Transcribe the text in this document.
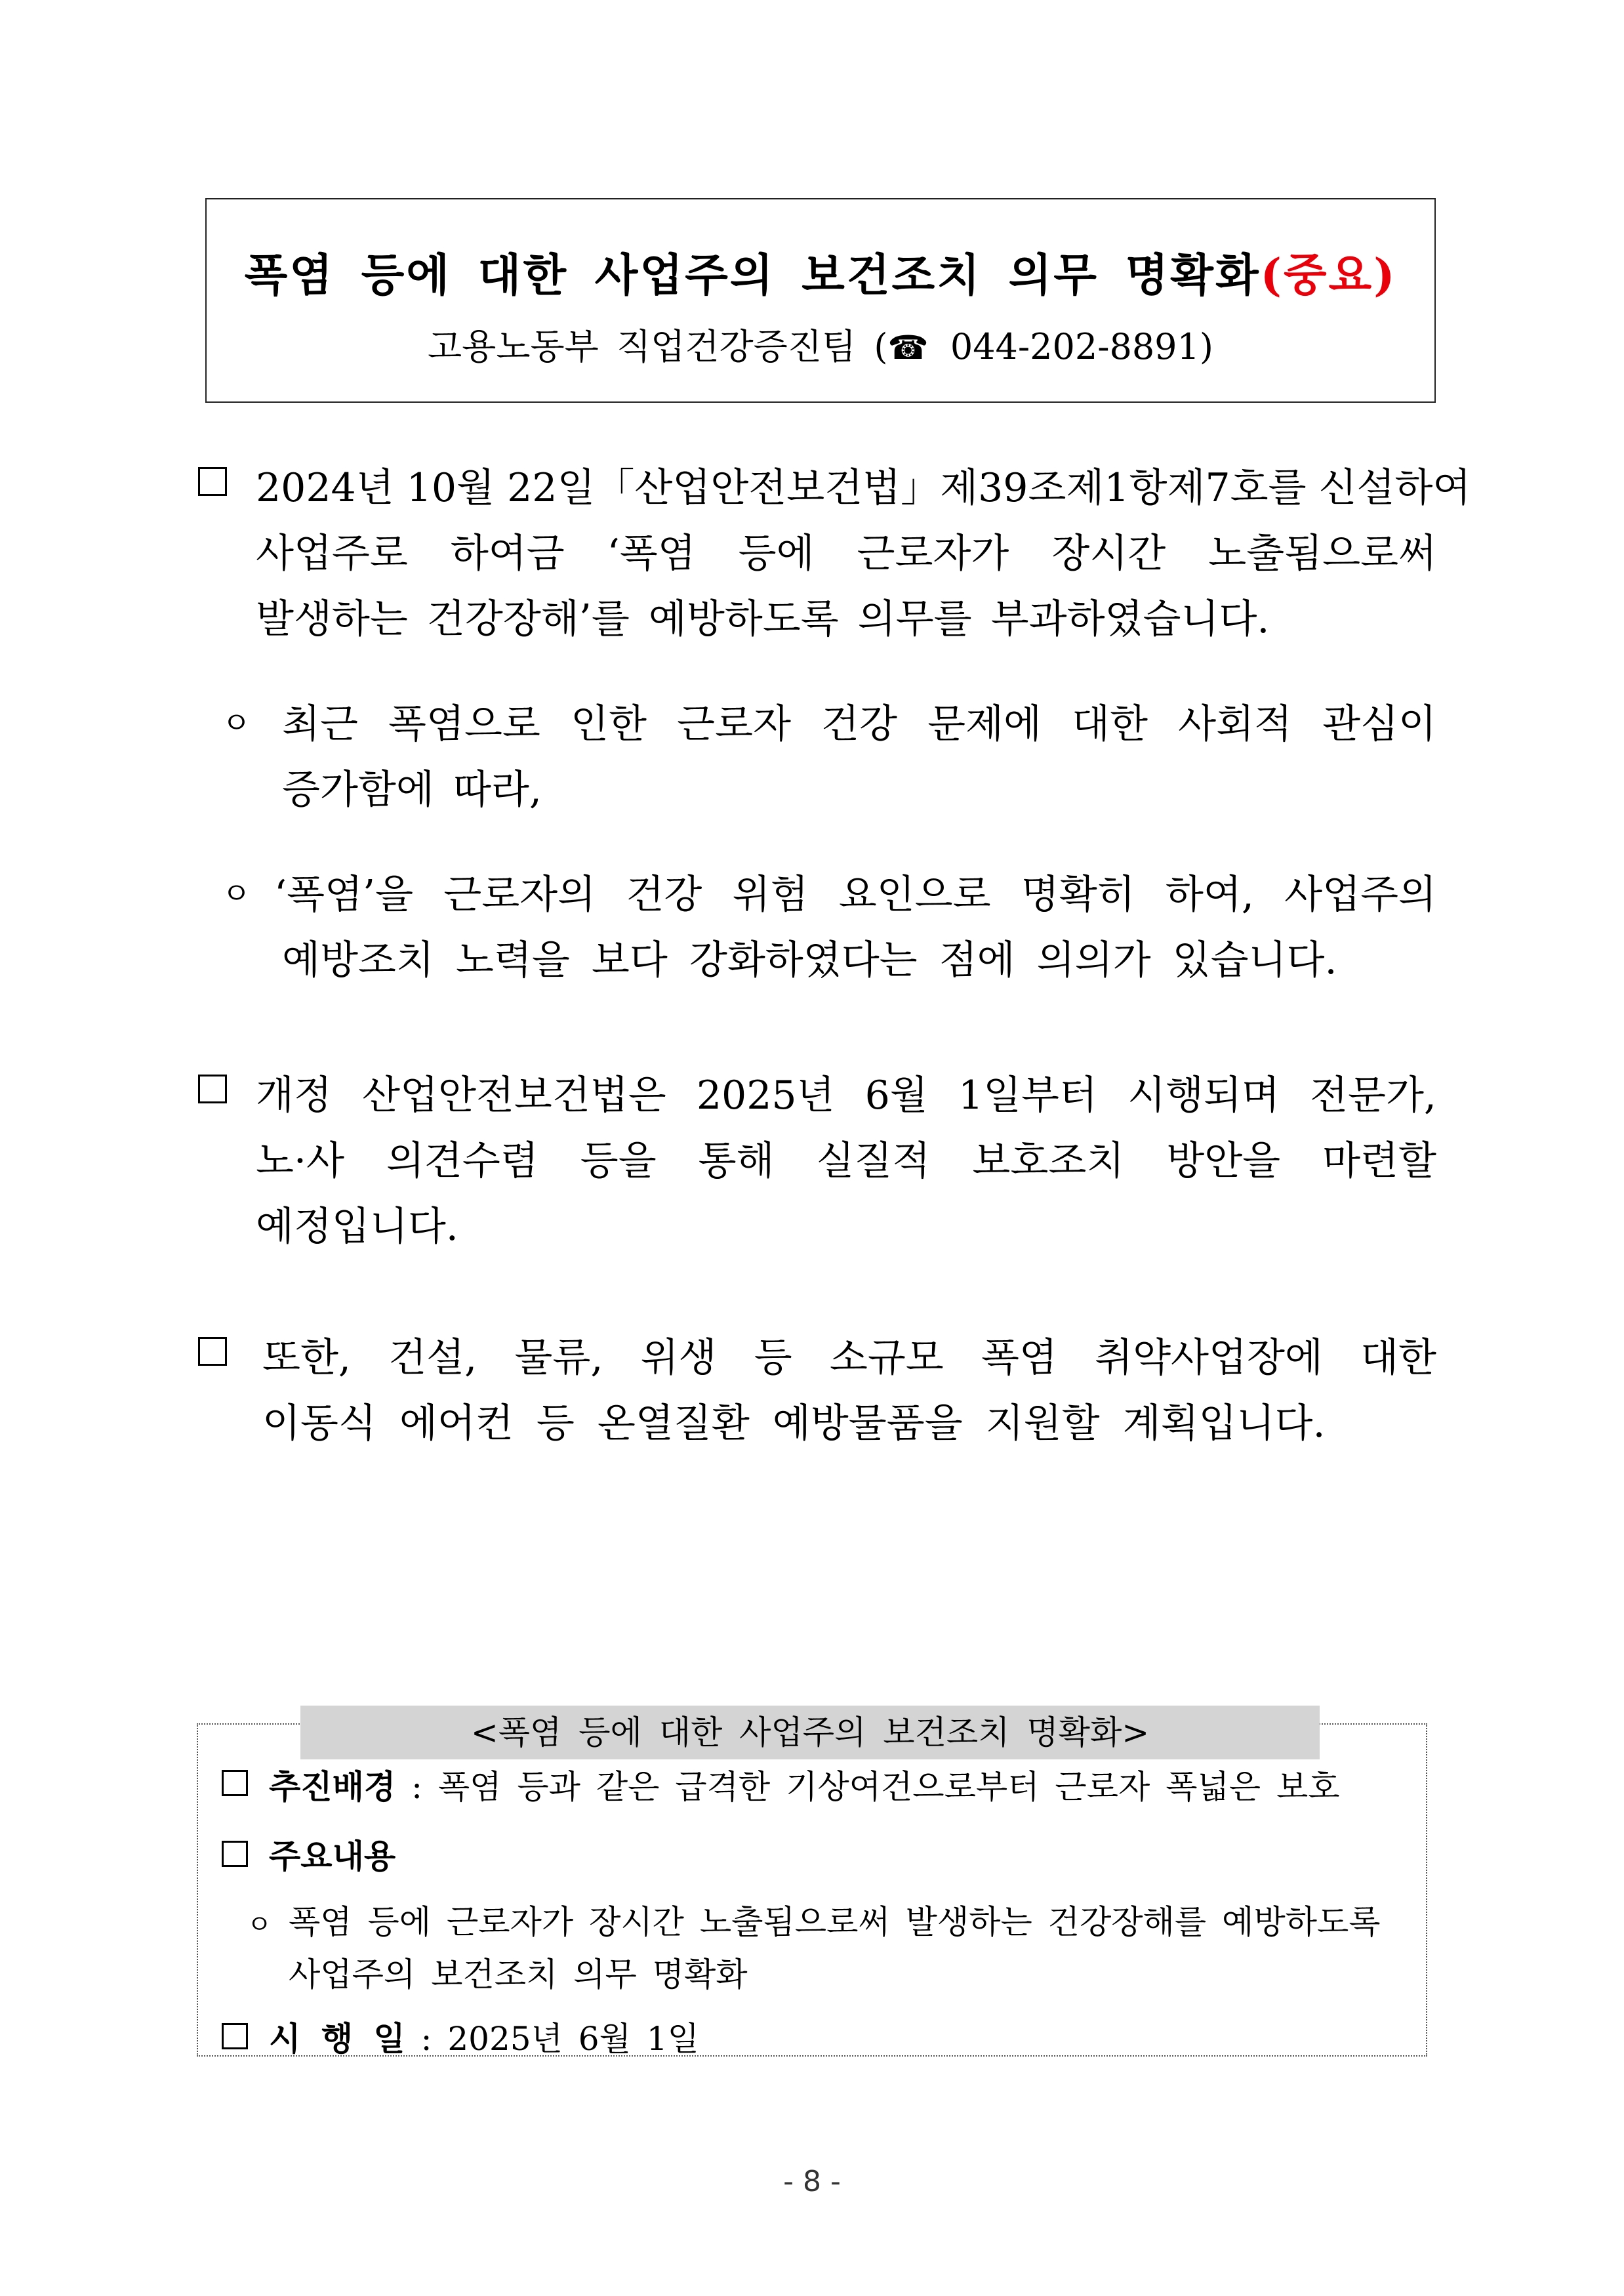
폭염 등에 대한 사업주의 보건조치 의무 명확화(중요)
고용노동부 직업건강증진팀 (☎ 044-202-8891)
2024년 10월 22일「산업안전보건법」제39조제1항제7호를 신설하여
사업주로 하여금 ‘폭염 등에 근로자가 장시간 노출됨으로써
발생하는 건강장해’를 예방하도록 의무를 부과하였습니다.
ㅇ 최근 폭염으로 인한 근로자 건강 문제에 대한 사회적 관심이
증가함에 따라,
ㅇ ‘폭염’을 근로자의 건강 위험 요인으로 명확히 하여, 사업주의
예방조치 노력을 보다 강화하였다는 점에 의의가 있습니다.
개정 산업안전보건법은 2025년 6월 1일부터 시행되며 전문가,
노·사 의견수렴 등을 통해 실질적 보호조치 방안을 마련할
예정입니다.
또한, 건설, 물류, 위생 등 소규모 폭염 취약사업장에 대한
이동식 에어컨 등 온열질환 예방물품을 지원할 계획입니다.
<폭염 등에 대한 사업주의 보건조치 명확화>
추진배경 : 폭염 등과 같은 급격한 기상여건으로부터 근로자 폭넓은 보호
주요내용
ㅇ 폭염 등에 근로자가 장시간 노출됨으로써 발생하는 건강장해를 예방하도록
사업주의 보건조치 의무 명확화
시 행 일 : 2025년 6월 1일
- 8 -
